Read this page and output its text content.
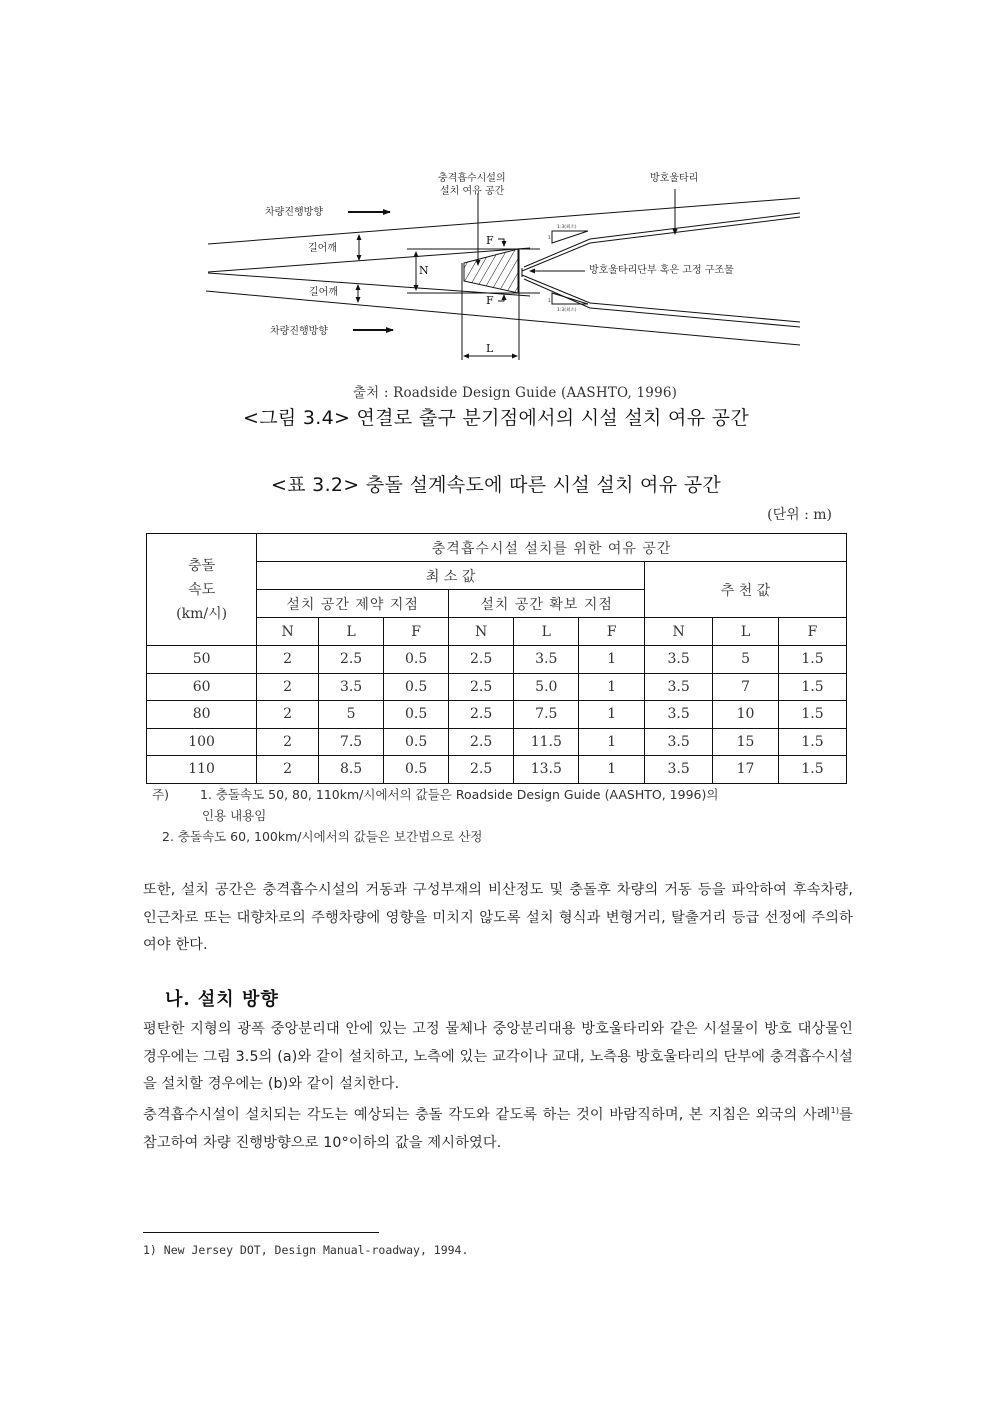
차량진행방향
차량진행방향
길어깨
길어깨
충격흡수시설의
설치 여유 공간
방호울타리
방호울타리단부 혹은 고정 구조물
1:3(최소)
1:3(최소)
1
1
N
L
F
F
출처 : Roadside Design Guide (AASHTO, 1996)
<그림 3.4> 연결로 출구 분기점에서의 시설 설치 여유 공간
<표 3.2> 충돌 설계속도에 따른 시설 설치 여유 공간
(단위 : m)
충돌
속도
(km/시)	충격흡수시설 설치를 위한 여유 공간								
	최 소 값						추 천 값		
	설치 공간 제약 지점			설치 공간 확보 지점					
	N	L	F	N	L	F	N	L	F
50	2	2.5	0.5	2.5	3.5	1	3.5	5	1.5
60	2	3.5	0.5	2.5	5.0	1	3.5	7	1.5
80	2	5	0.5	2.5	7.5	1	3.5	10	1.5
100	2	7.5	0.5	2.5	11.5	1	3.5	15	1.5
110	2	8.5	0.5	2.5	13.5	1	3.5	17	1.5
주) 1. 충돌속도 50, 80, 110km/시에서의 값들은 Roadside Design Guide (AASHTO, 1996)의
인용 내용임
2. 충돌속도 60, 100km/시에서의 값들은 보간법으로 산정
또한, 설치 공간은 충격흡수시설의 거동과 구성부재의 비산정도 및 충돌후 차량의 거동 등을 파악하여 후속차량, 인근차로 또는 대향차로의 주행차량에 영향을 미치지 않도록 설치 형식과 변형거리, 탈출거리 등급 선정에 주의하여야 한다.
나. 설치 방향
평탄한 지형의 광폭 중앙분리대 안에 있는 고정 물체나 중앙분리대용 방호울타리와 같은 시설물이 방호 대상물인 경우에는 그림 3.5의 (a)와 같이 설치하고, 노측에 있는 교각이나 교대, 노측용 방호울타리의 단부에 충격흡수시설을 설치할 경우에는 (b)와 같이 설치한다.
충격흡수시설이 설치되는 각도는 예상되는 충돌 각도와 같도록 하는 것이 바람직하며, 본 지침은 외국의 사례$^{1)}$를 참고하여 차량 진행방향으로 10°이하의 값을 제시하였다.
1) New Jersey DOT, Design Manual-roadway, 1994.
